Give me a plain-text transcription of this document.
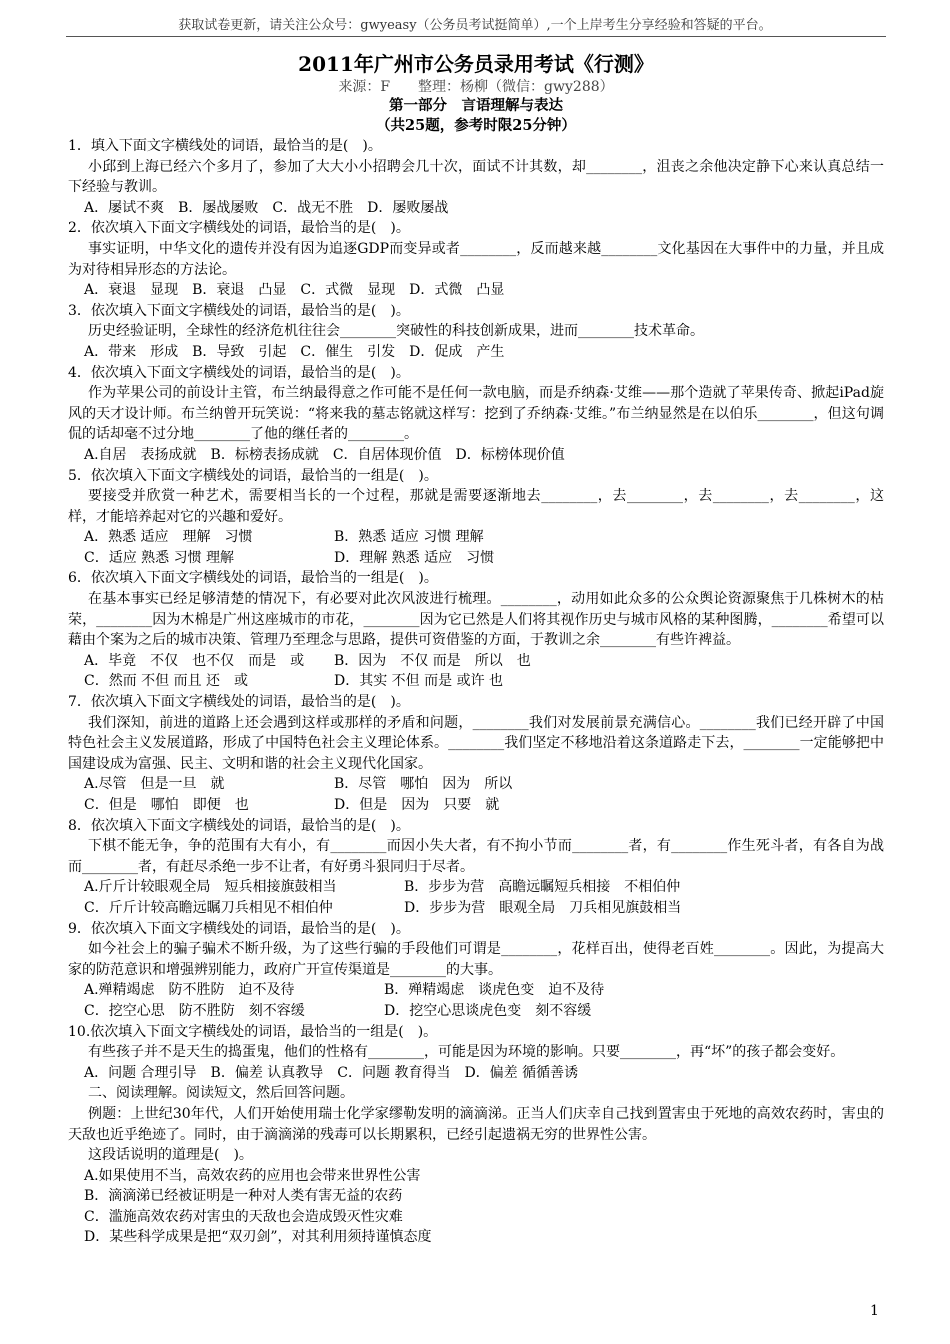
获取试卷更新，请关注公众号：gwyeasy（公务员考试挺简单）,一个上岸考生分享经验和答疑的平台。
2011年广州市公务员录用考试《行测》
来源：F　　整理：杨柳（微信：gwy288）
第一部分　言语理解与表达
（共25题，参考时限25分钟）

1．填入下面文字横线处的词语，最恰当的是(　)。

小邱到上海已经六个多月了，参加了大大小小招聘会几十次，面试不计其数，却________，沮丧之余他决定静下心来认真总结一下经验与教训。

A．屡试不爽　B．屡战屡败　C．战无不胜　D．屡败屡战

2．依次填入下面文字横线处的词语，最恰当的是(　)。

事实证明，中华文化的遗传并没有因为追逐GDP而变异或者________，反而越来越________文化基因在大事件中的力量，并且成为对待相异形态的方法论。

A．衰退　显现　B．衰退　凸显　C．式微　显现　D．式微　凸显

3．依次填入下面文字横线处的词语，最恰当的是(　)。

历史经验证明，全球性的经济危机往往会________突破性的科技创新成果，进而________技术革命。

A．带来　形成　B．导致　引起　C．催生　引发　D．促成　产生

4．依次填入下面文字横线处的词语，最恰当的是(　)。

作为苹果公司的前设计主管，布兰纳最得意之作可能不是任何一款电脑，而是乔纳森·艾维——那个造就了苹果传奇、掀起iPad旋风的天才设计师。布兰纳曾开玩笑说：“将来我的墓志铭就这样写：挖到了乔纳森·艾维。”布兰纳显然是在以伯乐________，但这句调侃的话却毫不过分地________了他的继任者的________。

A.自居　表扬成就　B．标榜表扬成就　C．自居体现价值　D．标榜体现价值

5．依次填入下面文字横线处的词语，最恰当的一组是(　)。

要接受并欣赏一种艺术，需要相当长的一个过程，那就是需要逐渐地去________，去________，去________，去________，这样，才能培养起对它的兴趣和爱好。

A．熟悉 适应　理解　习惯	B．熟悉 适应 习惯 理解
C．适应 熟悉 习惯 理解	D．理解 熟悉 适应　习惯

6．依次填入下面文字横线处的词语，最恰当的一组是(　)。

在基本事实已经足够清楚的情况下，有必要对此次风波进行梳理。________，动用如此众多的公众舆论资源聚焦于几株树木的枯荣，________因为木棉是广州这座城市的市花，________因为它已然是人们将其视作历史与城市风格的某种图腾，________希望可以藉由个案为之后的城市决策、管理乃至理念与思路，提供可资借鉴的方面，于教训之余________有些许裨益。

A．毕竟　不仅　也不仅　而是　或	B．因为　不仅 而是　所以　也
C．然而 不但 而且 还　或	D．其实 不但 而是 或许 也

7．依次填入下面文字横线处的词语，最恰当的是(　)。

我们深知，前进的道路上还会遇到这样或那样的矛盾和问题，________我们对发展前景充满信心。________我们已经开辟了中国特色社会主义发展道路，形成了中国特色社会主义理论体系。________我们坚定不移地沿着这条道路走下去，________一定能够把中国建设成为富强、民主、文明和谐的社会主义现代化国家。

A.尽管　但是一旦　就	B．尽管　哪怕　因为　所以
C．但是　哪怕　即便　也	D．但是　因为　只要　就

8．依次填入下面文字横线处的词语，最恰当的是(　)。

下棋不能无争，争的范围有大有小，有________而因小失大者，有不拘小节而________者，有________作生死斗者，有各自为战而________者，有赶尽杀绝一步不让者，有好勇斗狠同归于尽者。

A.斤斤计较眼观全局　短兵相接旗鼓相当	B．步步为营　高瞻远瞩短兵相接　不相伯仲
C．斤斤计较高瞻远瞩刀兵相见不相伯仲	D．步步为营　眼观全局　刀兵相见旗鼓相当

9．依次填入下面文字横线处的词语，最恰当的是(　)。

如今社会上的骗子骗术不断升级，为了这些行骗的手段他们可谓是________，花样百出，使得老百姓________。因此，为提高大家的防范意识和增强辨别能力，政府广开宣传渠道是________的大事。

A.殚精竭虑　防不胜防　迫不及待	B．殚精竭虑　谈虎色变　迫不及待
C．挖空心思　防不胜防　刻不容缓	D．挖空心思谈虎色变　刻不容缓

10.依次填入下面文字横线处的词语，最恰当的一组是(　)。

有些孩子并不是天生的捣蛋鬼，他们的性格有________，可能是因为环境的影响。只要________，再“坏”的孩子都会变好。

A．问题 合理引导　B．偏差 认真教导　C．问题 教育得当　D．偏差 循循善诱

二、阅读理解。阅读短文，然后回答问题。

例题：上世纪30年代，人们开始使用瑞士化学家缪勒发明的滴滴涕。正当人们庆幸自己找到置害虫于死地的高效农药时，害虫的天敌也近乎绝迹了。同时，由于滴滴涕的残毒可以长期累积，已经引起遗祸无穷的世界性公害。

这段话说明的道理是(　)。

A.如果使用不当，高效农药的应用也会带来世界性公害

B．滴滴涕已经被证明是一种对人类有害无益的农药

C．滥施高效农药对害虫的天敌也会造成毁灭性灾难

D．某些科学成果是把“双刃剑”，对其利用须持谨慎态度

1
